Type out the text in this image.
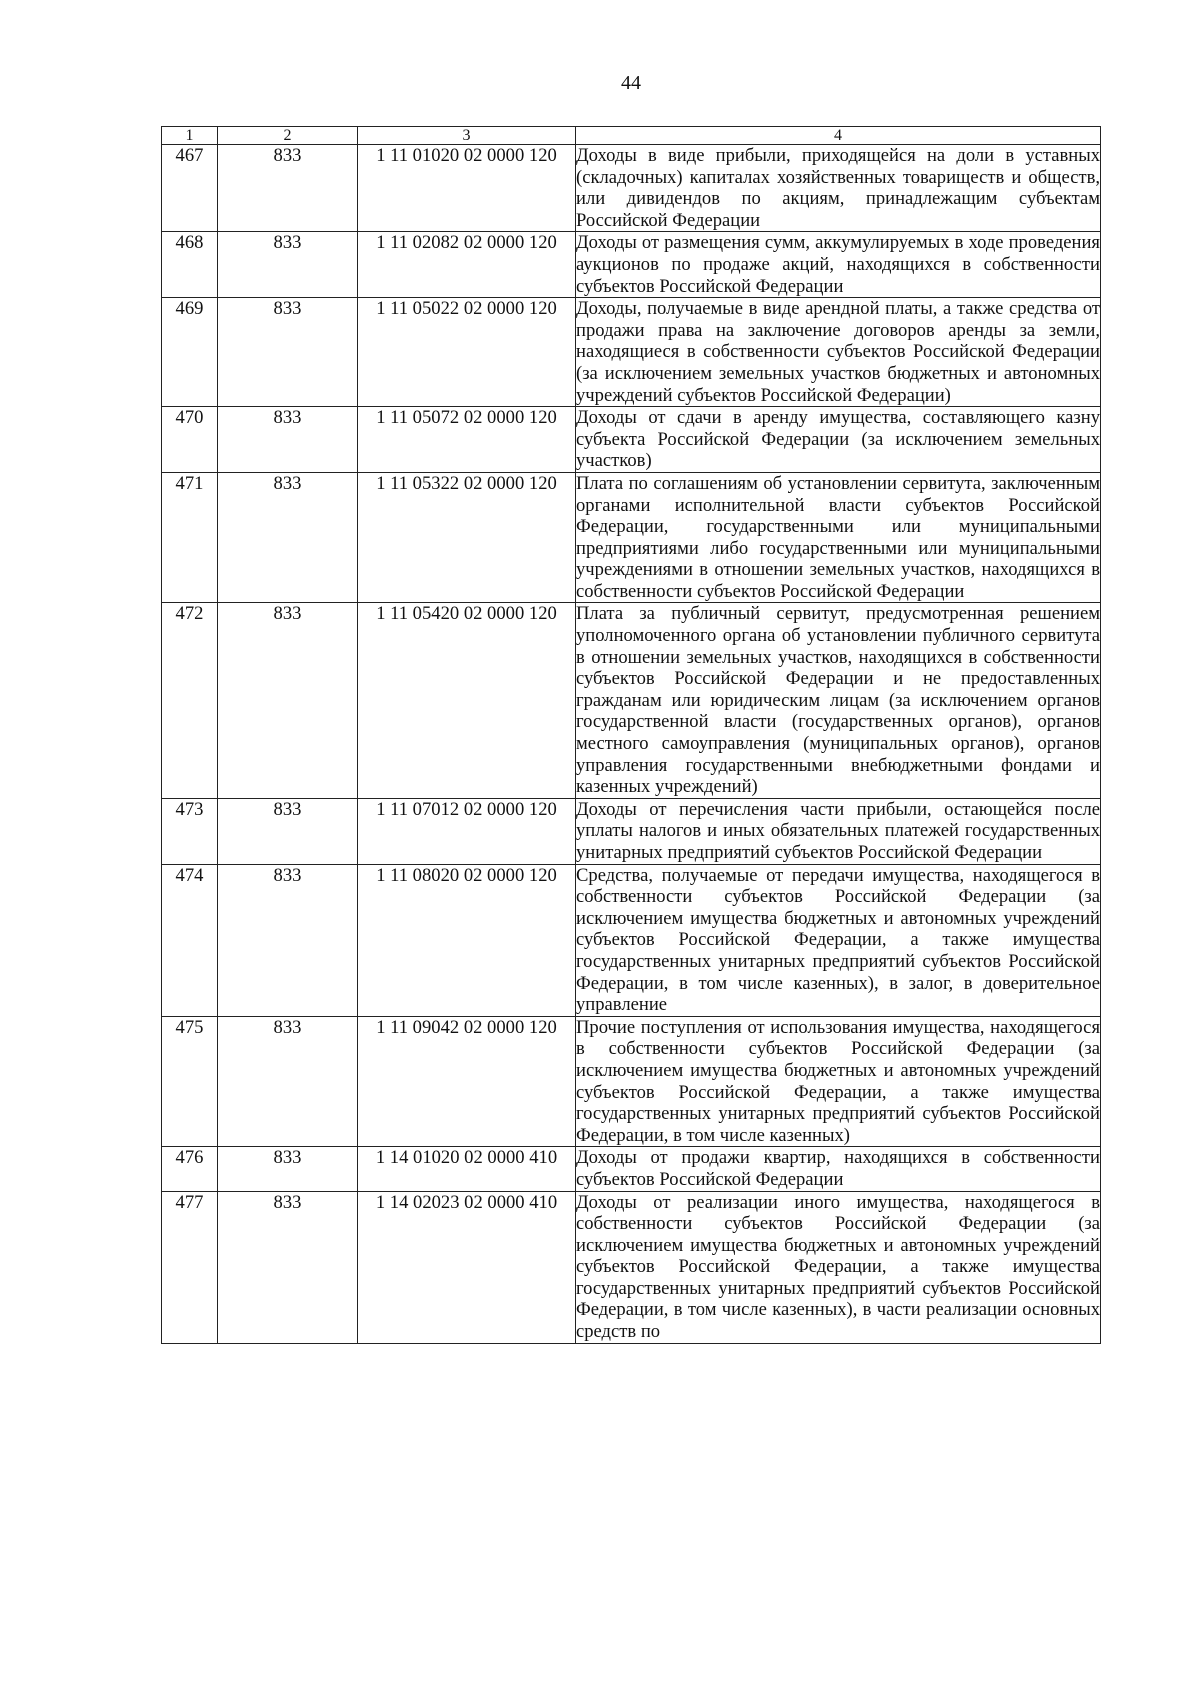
44
1	2	3	4
467	833	1 11 01020 02 0000 120	Доходы в виде прибыли, приходящейся на доли в уставных (складочных) капиталах хозяйственных товариществ и обществ, или дивидендов по акциям, принадлежащим субъектам Российской Федерации
468	833	1 11 02082 02 0000 120	Доходы от размещения сумм, аккумулируемых в ходе проведения аукционов по продаже акций, находящихся в собственности субъектов Российской Федерации
469	833	1 11 05022 02 0000 120	Доходы, получаемые в виде арендной платы, а также средства от продажи права на заключение договоров аренды за земли, находящиеся в собственности субъектов Российской Федерации (за исключением земельных участков бюджетных и автономных учреждений субъектов Российской Федерации)
470	833	1 11 05072 02 0000 120	Доходы от сдачи в аренду имущества, составляющего казну субъекта Российской Федерации (за исключением земельных участков)
471	833	1 11 05322 02 0000 120	Плата по соглашениям об установлении сервитута, заключенным органами исполнительной власти субъектов Российской Федерации, государственными или муниципальными предприятиями либо государственными или муниципальными учреждениями в отношении земельных участков, находящихся в собственности субъектов Российской Федерации
472	833	1 11 05420 02 0000 120	Плата за публичный сервитут, предусмотренная решением уполномоченного органа об установлении публичного сервитута в отношении земельных участков, находящихся в собственности субъектов Российской Федерации и не предоставленных гражданам или юридическим лицам (за исключением органов государственной власти (государственных органов), органов местного самоуправления (муниципальных органов), органов управления государственными внебюджетными фондами и казенных учреждений)
473	833	1 11 07012 02 0000 120	Доходы от перечисления части прибыли, остающейся после уплаты налогов и иных обязательных платежей государственных унитарных предприятий субъектов Российской Федерации
474	833	1 11 08020 02 0000 120	Средства, получаемые от передачи имущества, находящегося в собственности субъектов Российской Федерации (за исключением имущества бюджетных и автономных учреждений субъектов Российской Федерации, а также имущества государственных унитарных предприятий субъектов Российской Федерации, в том числе казенных), в залог, в доверительное управление
475	833	1 11 09042 02 0000 120	Прочие поступления от использования имущества, находящегося в собственности субъектов Российской Федерации (за исключением имущества бюджетных и автономных учреждений субъектов Российской Федерации, а также имущества государственных унитарных предприятий субъектов Российской Федерации, в том числе казенных)
476	833	1 14 01020 02 0000 410	Доходы от продажи квартир, находящихся в собственности субъектов Российской Федерации
477	833	1 14 02023 02 0000 410	Доходы от реализации иного имущества, находящегося в собственности субъектов Российской Федерации (за исключением имущества бюджетных и автономных учреждений субъектов Российской Федерации, а также имущества государственных унитарных предприятий субъектов Российской Федерации, в том числе казенных), в части реализации основных средств по
